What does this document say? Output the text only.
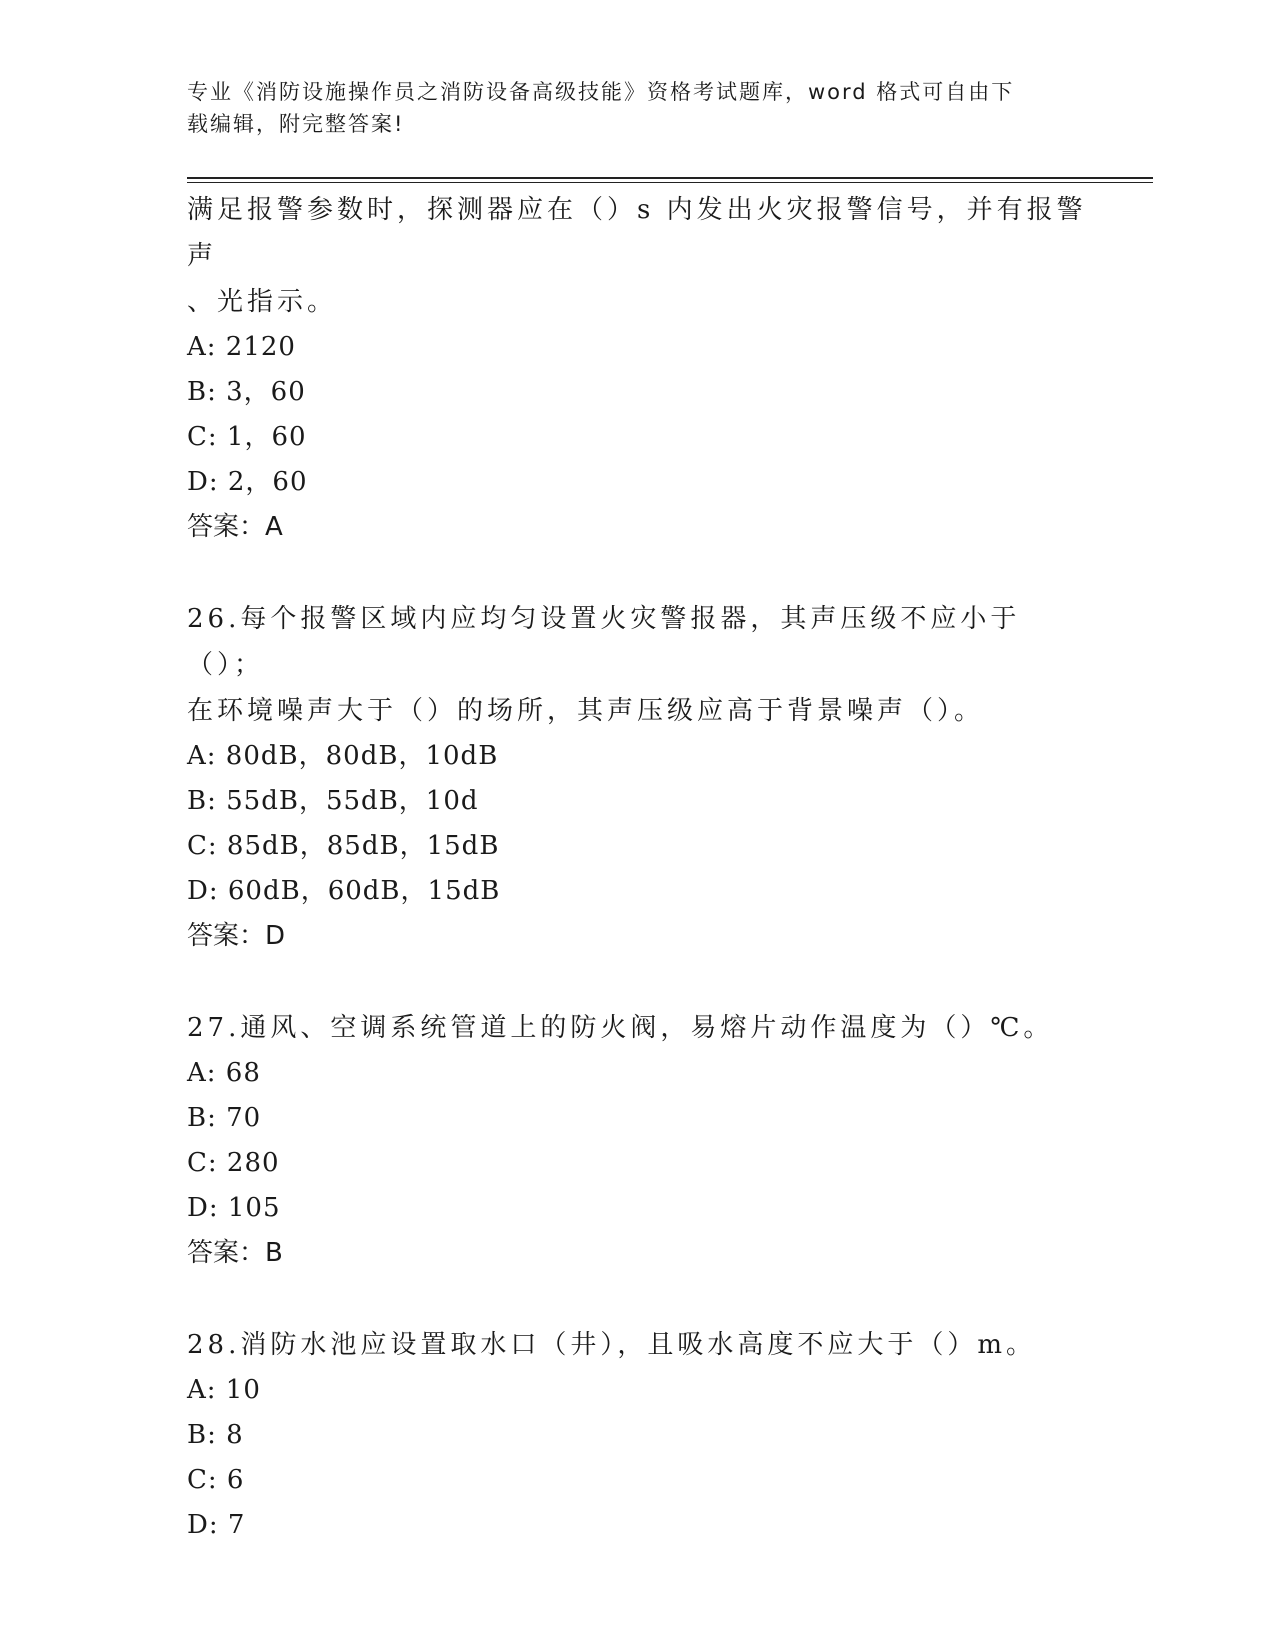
专业《消防设施操作员之消防设备高级技能》资格考试题库，word 格式可自由下
载编辑，附完整答案!

满足报警参数时，探测器应在（）s 内发出火灾报警信号，并有报警声

、光指示。

A: 2120

B: 3，60

C: 1，60

D: 2，60

答案：A

26.每个报警区域内应均匀设置火灾警报器，其声压级不应小于（）；

在环境噪声大于（）的场所，其声压级应高于背景噪声（）。

A: 80dB，80dB，10dB

B: 55dB，55dB，10d

C: 85dB，85dB，15dB

D: 60dB，60dB，15dB

答案：D

27.通风、空调系统管道上的防火阀，易熔片动作温度为（）℃。

A: 68

B: 70

C: 280

D: 105

答案：B

28.消防水池应设置取水口（井），且吸水高度不应大于（）m。

A: 10

B: 8

C: 6

D: 7
